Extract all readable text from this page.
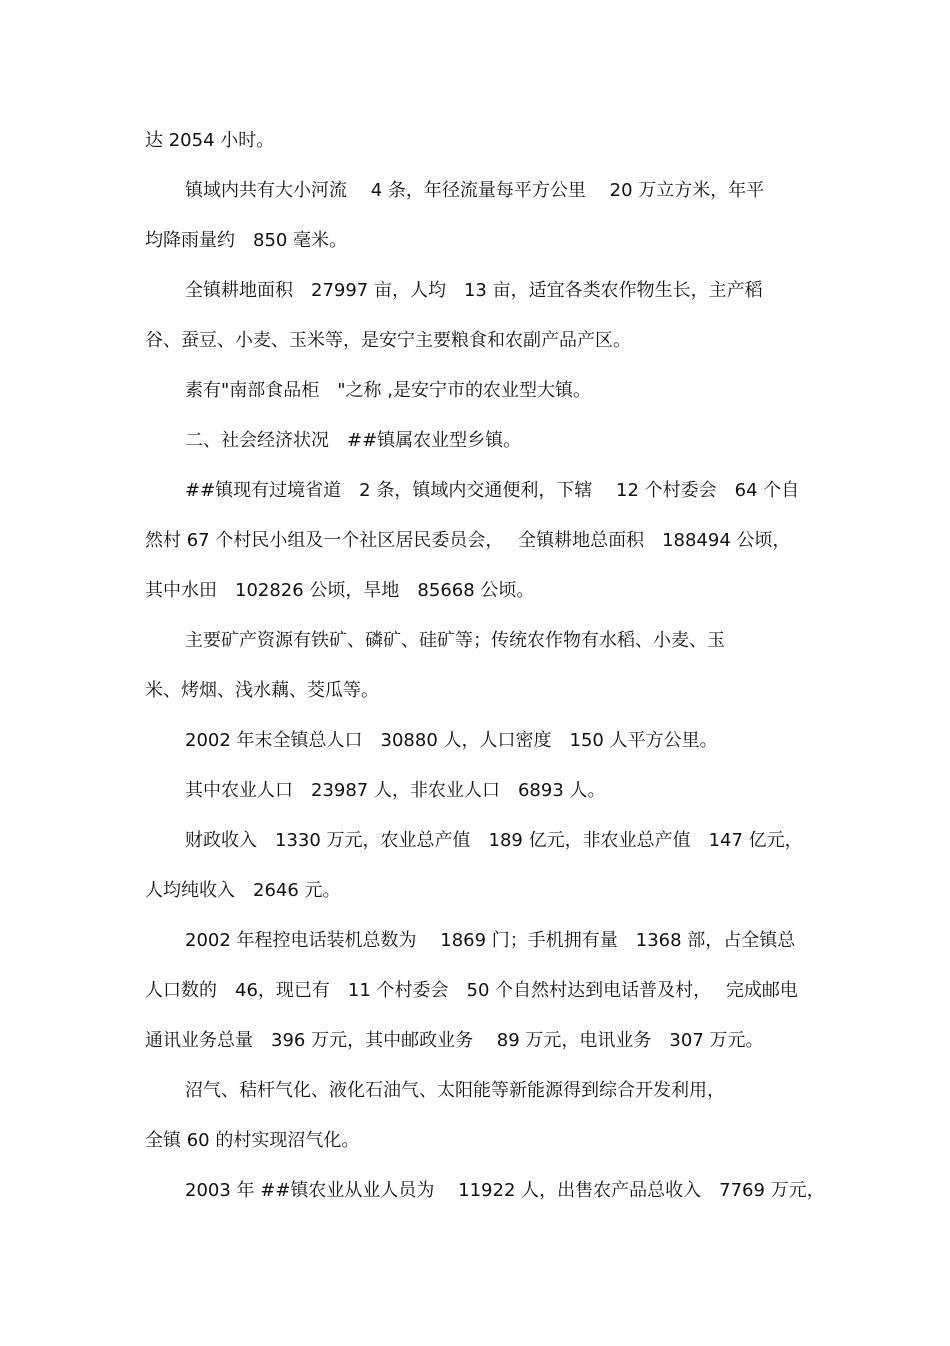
达 2054 小时。
镇域内共有大小河流　 4 条，年径流量每平方公里　 20 万立方米，年平
均降雨量约　850 毫米。
全镇耕地面积　27997 亩，人均　13 亩，适宜各类农作物生长，主产稻
谷、蚕豆、小麦、玉米等，是安宁主要粮食和农副产品产区。
素有"南部食品柜　"之称 ,是安宁市的农业型大镇。
二、社会经济状况　##镇属农业型乡镇。
##镇现有过境省道　2 条，镇域内交通便利，下辖　 12 个村委会　64 个自
然村 67 个村民小组及一个社区居民委员会，　 全镇耕地总面积　188494 公顷，
其中水田　102826 公顷，旱地　85668 公顷。
主要矿产资源有铁矿、磷矿、硅矿等；传统农作物有水稻、小麦、玉
米、烤烟、浅水藕、茭瓜等。
2002 年末全镇总人口　30880 人，人口密度　150 人平方公里。
其中农业人口　23987 人，非农业人口　6893 人。
财政收入　1330 万元，农业总产值　189 亿元，非农业总产值　147 亿元，
人均纯收入　2646 元。
2002 年程控电话装机总数为　 1869 门；手机拥有量　1368 部，占全镇总
人口数的　46，现已有　11 个村委会　50 个自然村达到电话普及村，　 完成邮电
通讯业务总量　396 万元，其中邮政业务　 89 万元，电讯业务　307 万元。
沼气、秸杆气化、液化石油气、太阳能等新能源得到综合开发利用，
全镇 60 的村实现沼气化。
2003 年 ##镇农业从业人员为　 11922 人，出售农产品总收入　7769 万元，
